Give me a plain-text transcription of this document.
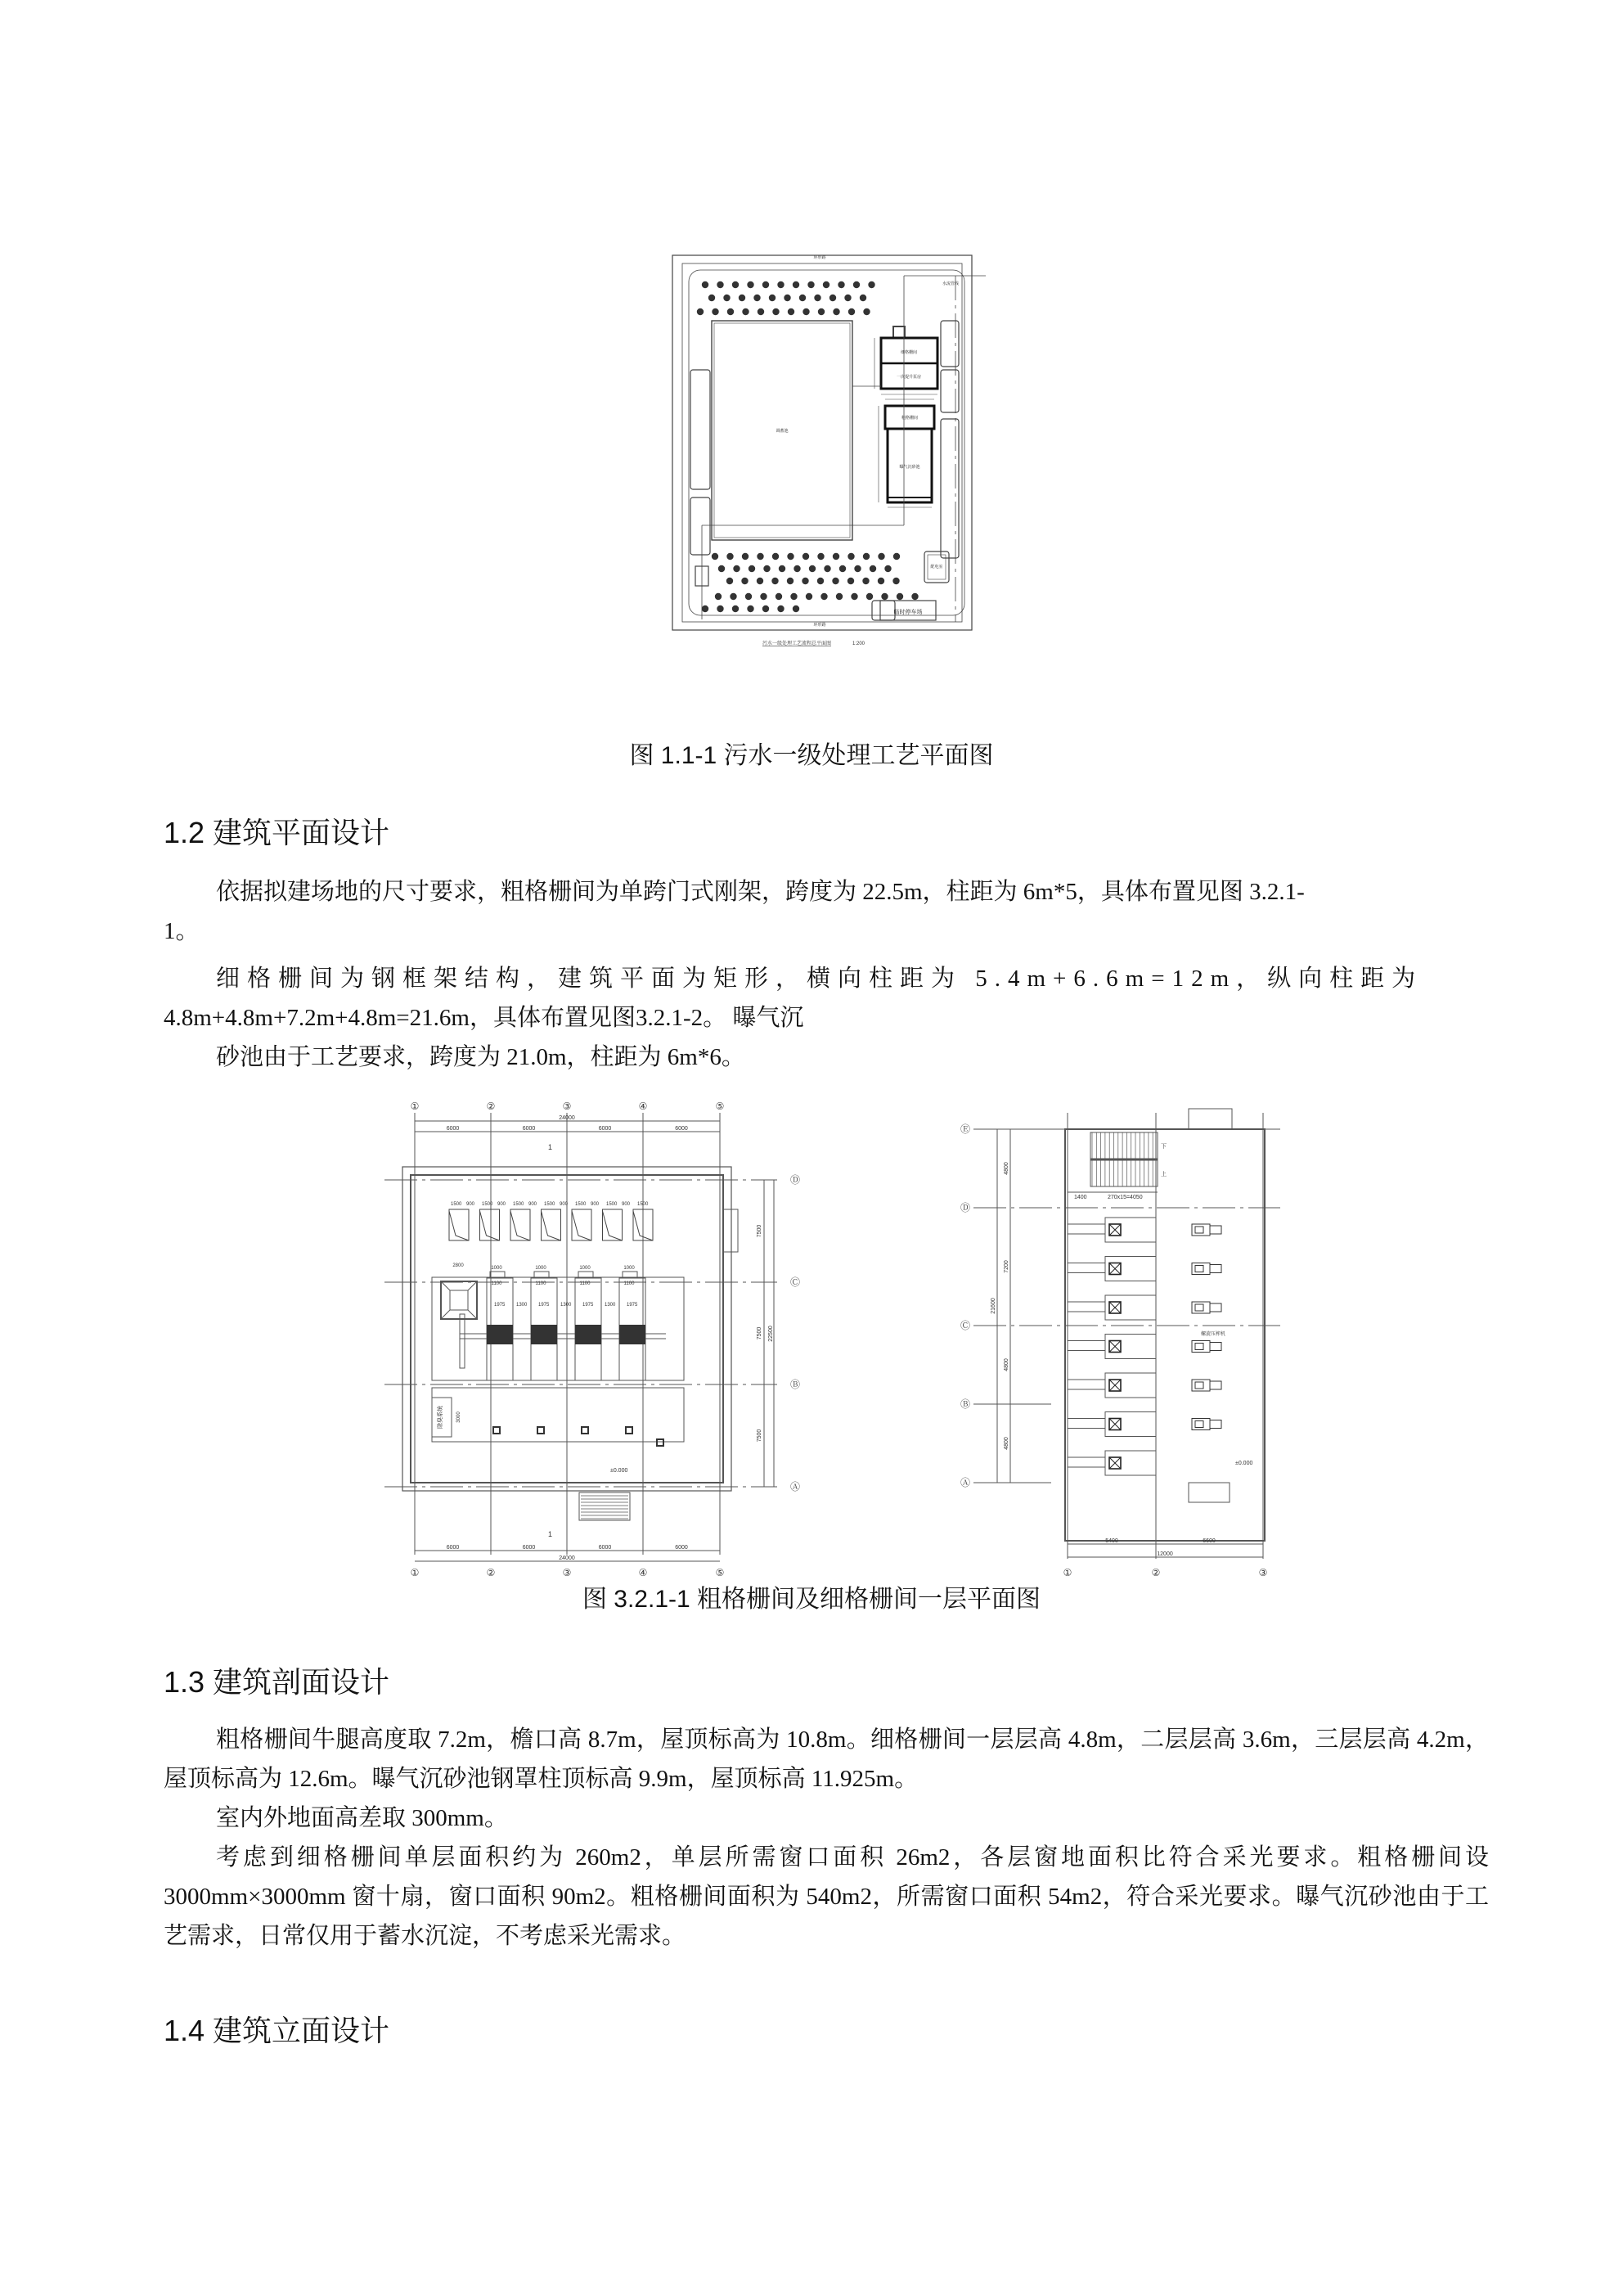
环形路
环形路
水流管线
调蓄池
细格栅间
一次提升泵房
粗格栅间
曝气沉砂池
配电室
临时停车场
污水一级处理工艺流程总平面图	1:200
图 1.1-1 污水一级处理工艺平面图
1.2 建筑平面设计
依据拟建场地的尺寸要求，粗格栅间为单跨门式刚架，跨度为 22.5m，柱距为 6m*5，具体布置见图 3.2.1-
1。
细格栅间为钢框架结构，建筑平面为矩形，横向柱距为 5.4m+6.6m=12m，纵向柱距为
4.8m+4.8m+7.2m+4.8m=21.6m，具体布置见图3.2.1-2。 曝气沉
砂池由于工艺要求，跨度为 21.0m，柱距为 6m*6。
1000
1100
1000
1100
1000
1100
1000
1100
1975 1300 1975 1300 1975 1300 1975
2800
除臭系统	3000
±0.000
1
1
①
①
②
②
③
③
④
④
⑤
⑤
Ⓓ
Ⓒ
Ⓑ
Ⓐ
24000
24000
6000
6000
6000
6000
6000
6000
6000
6000
7500
7500
7500
22500
1500 900 1500 900 1500 900 1500 900 1500 900 1500 900 1500
Ⓔ
Ⓓ
Ⓒ
Ⓑ
Ⓐ
①	②	③
4800
7200
4800
4800
21600
5400	6600
12000
1400	270x15=4050
下
上
螺旋压榨机
±0.000
图 3.2.1-1 粗格栅间及细格栅间一层平面图
1.3 建筑剖面设计
粗格栅间牛腿高度取 7.2m，檐口高 8.7m，屋顶标高为 10.8m。细格栅间一层层高 4.8m，二层层高 3.6m，三层层高 4.2m，屋顶标高为 12.6m。曝气沉砂池钢罩柱顶标高 9.9m，屋顶标高 11.925m。
室内外地面高差取 300mm。
考虑到细格栅间单层面积约为 260m2，单层所需窗口面积 26m2，各层窗地面积比符合采光要求。粗格栅间设 3000mm×3000mm 窗十扇，窗口面积 90m2。粗格栅间面积为 540m2，所需窗口面积 54m2，符合采光要求。曝气沉砂池由于工艺需求，日常仅用于蓄水沉淀，不考虑采光需求。
1.4 建筑立面设计
